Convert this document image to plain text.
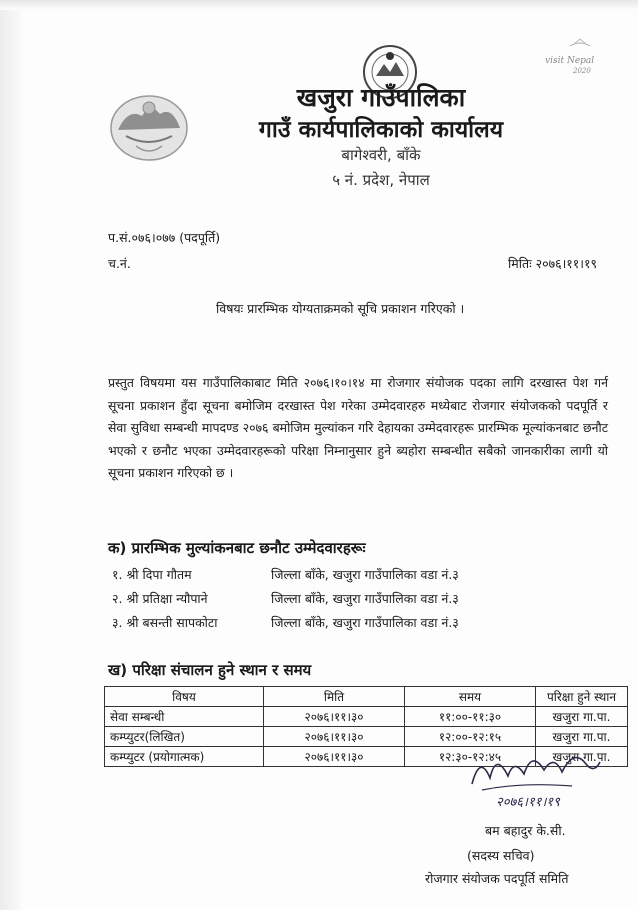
visit Nepal
2020
खजुरा गाउँपालिका
गाउँ कार्यपालिकाको कार्यालय
बागेश्वरी, बाँके
५ नं. प्रदेश, नेपाल
प.सं.०७६।०७७ (पदपूर्ति)
च.नं.	मितिः २०७६।११।१९
विषयः प्रारम्भिक योग्यताक्रमको सूचि प्रकाशन गरिएको ।
प्रस्तुत विषयमा यस गाउँपालिकाबाट मिति २०७६।१०।१४ मा रोजगार संयोजक पदका लागि दरखास्त पेश गर्न सूचना प्रकाशन हुँदा सूचना बमोजिम दरखास्त पेश गरेका उम्मेदवारहरु मध्येबाट रोजगार संयोजकको पदपूर्ति र सेवा सुविधा सम्बन्धी मापदण्ड २०७६ बमोजिम मुल्यांकन गरि देहायका उम्मेदवारहरू प्रारम्भिक मूल्यांकनबाट छनौट भएको र छनौट भएका उम्मेदवारहरूको परिक्षा निम्नानुसार हुने ब्यहोरा सम्बन्धीत सबैको जानकारीका लागी यो सूचना प्रकाशन गरिएको छ ।
क) प्रारम्भिक मुल्यांकनबाट छनौट उम्मेदवारहरूः
१. श्री दिपा गौतम	जिल्ला बाँके, खजुरा गाउँपालिका वडा नं.३
२. श्री प्रतिक्षा न्यौपाने	जिल्ला बाँके, खजुरा गाउँपालिका वडा नं.३
३. श्री बसन्ती सापकोटा	जिल्ला बाँके, खजुरा गाउँपालिका वडा नं.३
ख) परिक्षा संचालन हुने स्थान र समय
विषय	मिति	समय	परिक्षा हुने स्थान
सेवा सम्बन्धी	२०७६।११।३०	११:००-११:३०	खजुरा गा.पा.
कम्प्युटर(लिखित)	२०७६।११।३०	१२:००-१२:१५	खजुरा गा.पा.
कम्प्युटर (प्रयोगात्मक)	२०७६।११।३०	१२:३०-१२:४५	खजुरा गा.पा.
२०७६।११।१९
बम बहादुर के.सी.
(सदस्य सचिव)
रोजगार संयोजक पदपूर्ति समिति
